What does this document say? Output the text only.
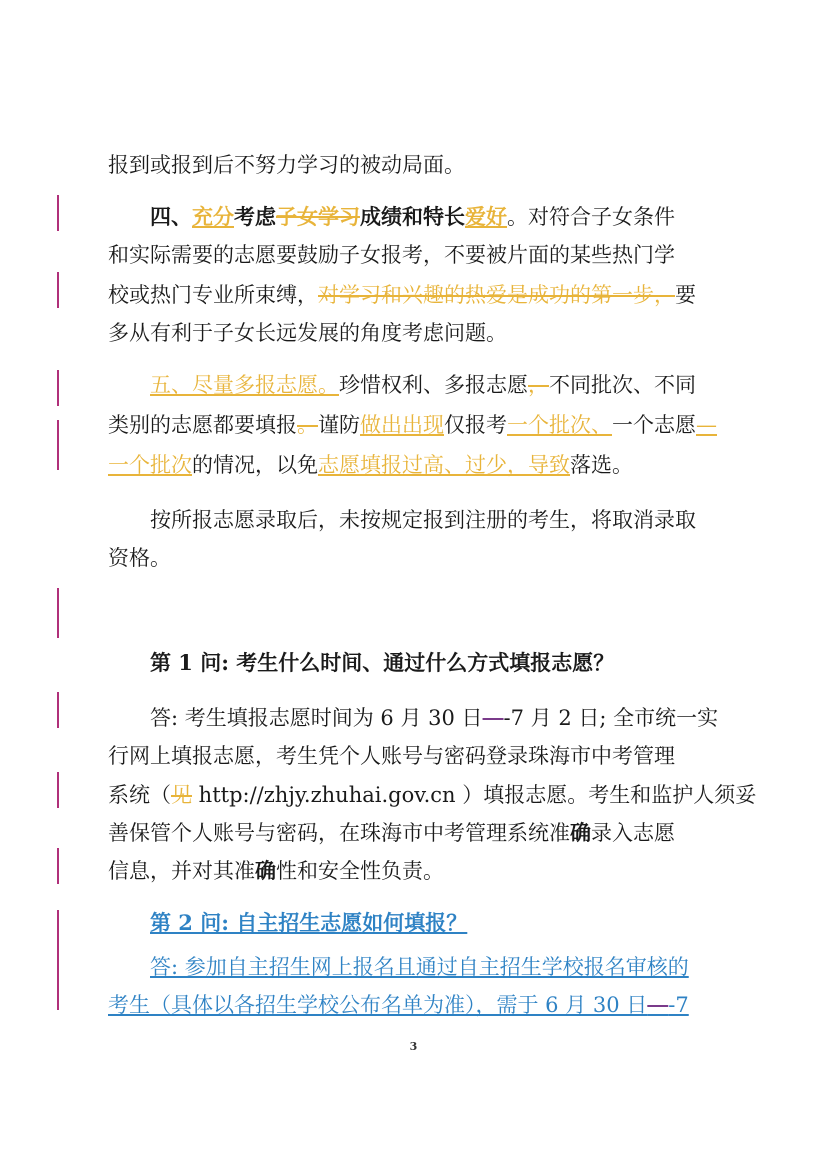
报到或报到后不努力学习的被动局面。
四、充分考虑子女学习成绩和特长爱好。对符合子女条件
和实际需要的志愿要鼓励子女报考，不要被片面的某些热门学
校或热门专业所束缚，对学习和兴趣的热爱是成功的第一步，要
多从有利于子女长远发展的角度考虑问题。
五、尽量多报志愿。珍惜权利、多报志愿，不同批次、不同
类别的志愿都要填报。谨防做出出现仅报考一个批次、一个志愿—
一个批次的情况，以免志愿填报过高、过少，导致落选。
按所报志愿录取后，未按规定报到注册的考生，将取消录取
资格。
第 1 问: 考生什么时间、通过什么方式填报志愿？
答: 考生填报志愿时间为 6 月 30 日—-7 月 2 日; 全市统一实
行网上填报志愿，考生凭个人账号与密码登录珠海市中考管理
系统（见 http://zhjy.zhuhai.gov.cn ）填报志愿。考生和监护人须妥
善保管个人账号与密码，在珠海市中考管理系统准确录入志愿
信息，并对其准确性和安全性负责。
第 2 问: 自主招生志愿如何填报？
答: 参加自主招生网上报名且通过自主招生学校报名审核的
考生（具体以各招生学校公布名单为准），需于 6 月 30 日—-7
3
